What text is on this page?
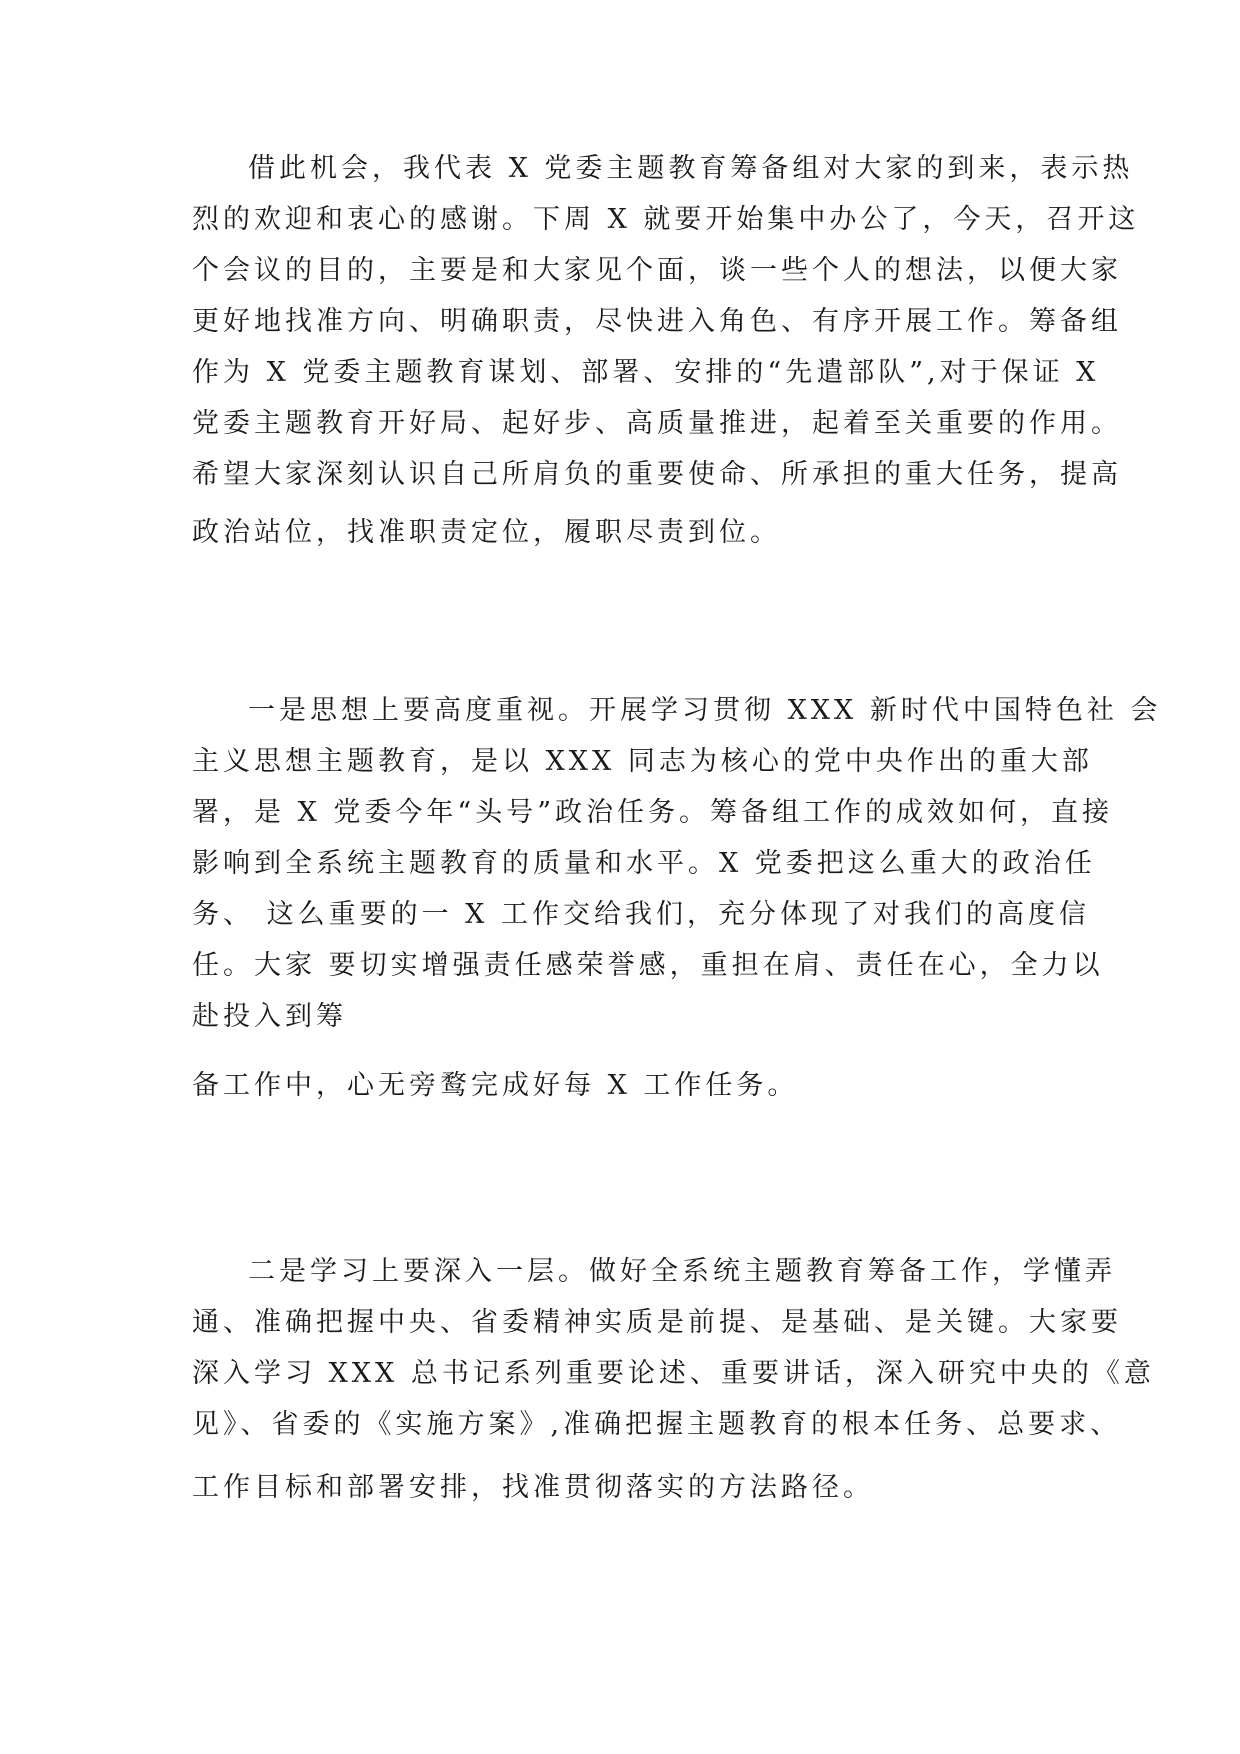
借此机会，我代表 X 党委主题教育筹备组对大家的到来，表示热
烈的欢迎和衷心的感谢。下周 X 就要开始集中办公了，今天，召开这
个会议的目的，主要是和大家见个面，谈一些个人的想法，以便大家
更好地找准方向、明确职责，尽快进入角色、有序开展工作。筹备组
作为 X 党委主题教育谋划、部署、安排的“先遣部队”,对于保证 X
党委主题教育开好局、起好步、高质量推进，起着至关重要的作用。
希望大家深刻认识自己所肩负的重要使命、所承担的重大任务，提高
政治站位，找准职责定位，履职尽责到位。
一是思想上要高度重视。开展学习贯彻 XXX 新时代中国特色社 会
主义思想主题教育，是以 XXX 同志为核心的党中央作出的重大部
署，是 X 党委今年“头号”政治任务。筹备组工作的成效如何，直接
影响到全系统主题教育的质量和水平。X 党委把这么重大的政治任
务、 这么重要的一 X 工作交给我们，充分体现了对我们的高度信
任。大家 要切实增强责任感荣誉感，重担在肩、责任在心，全力以
赴投入到筹
备工作中，心无旁鹜完成好每 X 工作任务。
二是学习上要深入一层。做好全系统主题教育筹备工作，学懂弄
通、准确把握中央、省委精神实质是前提、是基础、是关键。大家要
深入学习 XXX 总书记系列重要论述、重要讲话，深入研究中央的《意
见》、省委的《实施方案》,准确把握主题教育的根本任务、总要求、
工作目标和部署安排，找准贯彻落实的方法路径。
